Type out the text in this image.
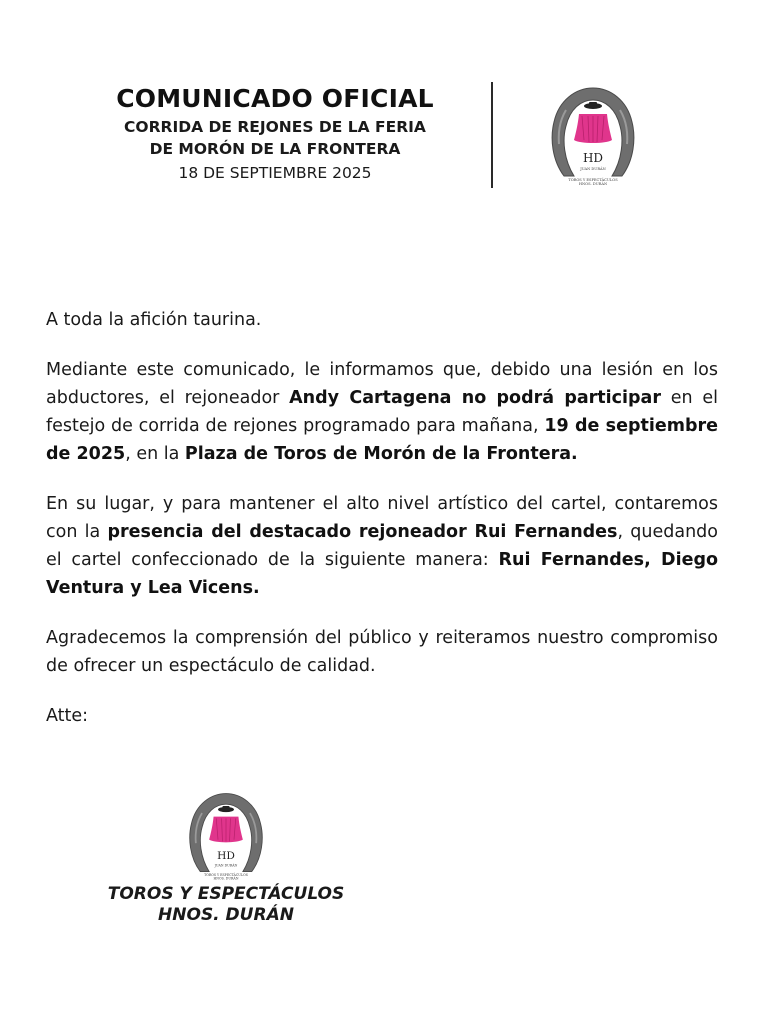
COMUNICADO OFICIAL
CORRIDA DE REJONES DE LA FERIA
DE MORÓN DE LA FRONTERA
18 DE SEPTIEMBRE 2025
HD
JUAN DURÁN
TOROS Y ESPECTÁCULOS
HNOS. DURÁN

A toda la afición taurina.

Mediante este comunicado, le informamos que, debido una lesión en los abductores, el rejoneador Andy Cartagena no podrá participar en el festejo de corrida de rejones programado para mañana, 19 de septiembre de 2025, en la Plaza de Toros de Morón de la Frontera.

En su lugar, y para mantener el alto nivel artístico del cartel, contaremos con la presencia del destacado rejoneador Rui Fernandes, quedando el cartel confeccionado de la siguiente manera: Rui Fernandes, Diego Ventura y Lea Vicens.

Agradecemos la comprensión del público y reiteramos nuestro compromiso de ofrecer un espectáculo de calidad.

Atte:

HD
JUAN DURÁN
TOROS Y ESPECTÁCULOS
HNOS. DURÁN
TOROS Y ESPECTÁCULOS
HNOS. DURÁN
